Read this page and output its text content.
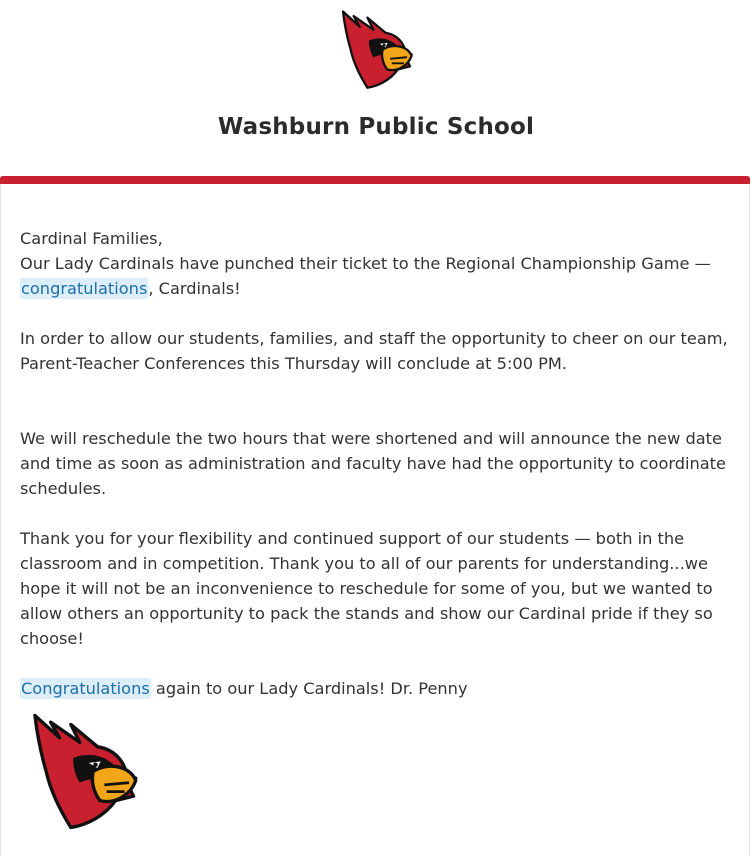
Washburn Public School

Cardinal Families,

Our Lady Cardinals have punched their ticket to the Regional Championship Game — congratulations, Cardinals!

In order to allow our students, families, and staff the opportunity to cheer on our team, Parent-Teacher Conferences this Thursday will conclude at 5:00 PM.

We will reschedule the two hours that were shortened and will announce the new date and time as soon as administration and faculty have had the opportunity to coordinate schedules.

Thank you for your flexibility and continued support of our students — both in the classroom and in competition. Thank you to all of our parents for understanding...we hope it will not be an inconvenience to reschedule for some of you, but we wanted to allow others an opportunity to pack the stands and show our Cardinal pride if they so choose!

Congratulations again to our Lady Cardinals! Dr. Penny
